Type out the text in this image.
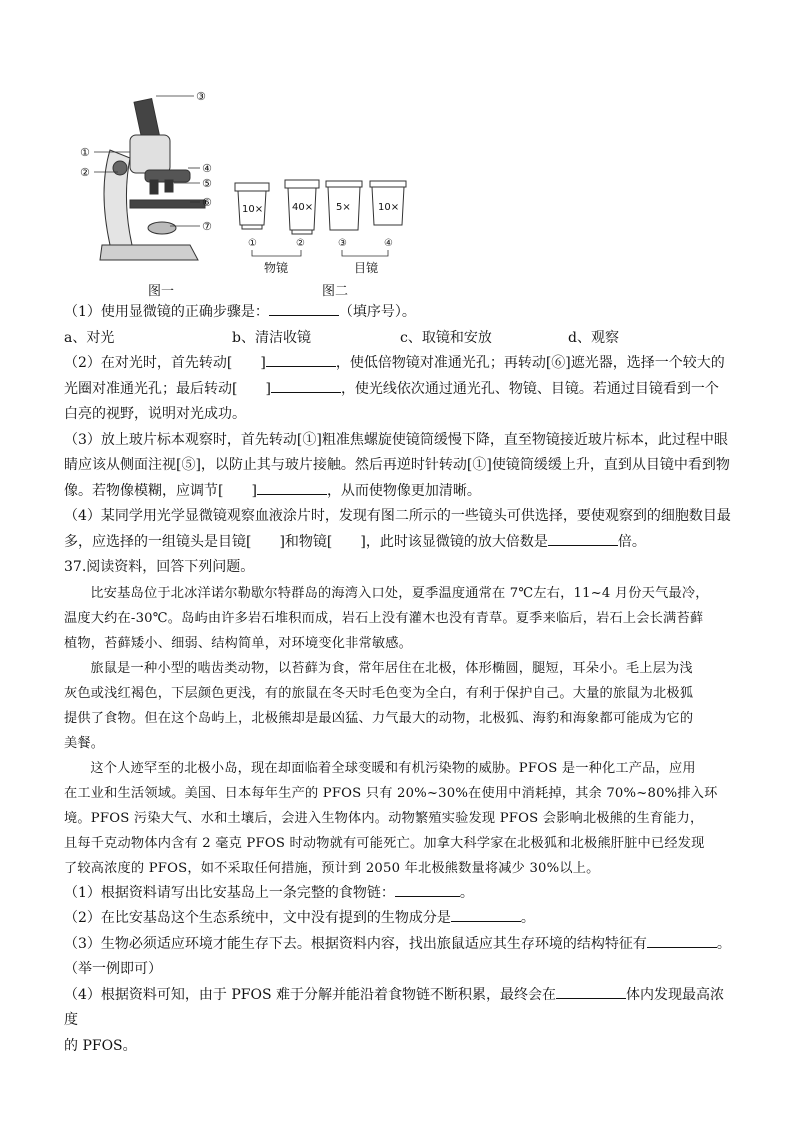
③
①
②	④
⑤
⑥
⑦
10×	40× 5×	10×
①	②	③	④
物镜	目镜
图一	图二

（1）使用显微镜的正确步骤是：	（填序号）。

a、对光	b、清洁收镜	c、取镜和安放	d、观察

（2）在对光时，首先转动[　　]	，使低倍物镜对准通光孔；再转动[⑥]遮光器，选择一个较大的

光圈对准通光孔；最后转动[　　]	，使光线依次通过通光孔、物镜、目镜。若通过目镜看到一个

白亮的视野，说明对光成功。

（3）放上玻片标本观察时，首先转动[①]粗准焦螺旋使镜筒缓慢下降，直至物镜接近玻片标本，此过程中眼

睛应该从侧面注视[⑤]，以防止其与玻片接触。然后再逆时针转动[①]使镜筒缓缓上升，直到从目镜中看到物

像。若物像模糊，应调节[　　]	，从而使物像更加清晰。

（4）某同学用光学显微镜观察血液涂片时，发现有图二所示的一些镜头可供选择，要使观察到的细胞数目最

多，应选择的一组镜头是目镜[　　]和物镜[　　]，此时该显微镜的放大倍数是	倍。

37.阅读资料，回答下列问题。

比安基岛位于北冰洋诺尔勒歇尔特群岛的海湾入口处，夏季温度通常在 7℃左右，11~4 月份天气最冷，

温度大约在-30℃。岛屿由许多岩石堆积而成，岩石上没有灌木也没有青草。夏季来临后，岩石上会长满苔藓

植物，苔藓矮小、细弱、结构简单，对环境变化非常敏感。

旅鼠是一种小型的啮齿类动物，以苔藓为食，常年居住在北极，体形椭圆，腿短，耳朵小。毛上层为浅

灰色或浅红褐色，下层颜色更浅，有的旅鼠在冬天时毛色变为全白，有利于保护自己。大量的旅鼠为北极狐

提供了食物。但在这个岛屿上，北极熊却是最凶猛、力气最大的动物，北极狐、海豹和海象都可能成为它的

美餐。

这个人迹罕至的北极小岛，现在却面临着全球变暖和有机污染物的威胁。PFOS 是一种化工产品，应用

在工业和生活领域。美国、日本每年生产的 PFOS 只有 20%~30%在使用中消耗掉，其余 70%~80%排入环

境。PFOS 污染大气、水和土壤后，会进入生物体内。动物繁殖实验发现 PFOS 会影响北极熊的生育能力，

且每千克动物体内含有 2 毫克 PFOS 时动物就有可能死亡。加拿大科学家在北极狐和北极熊肝脏中已经发现

了较高浓度的 PFOS，如不采取任何措施，预计到 2050 年北极熊数量将减少 30%以上。

（1）根据资料请写出比安基岛上一条完整的食物链：	。

（2）在比安基岛这个生态系统中，文中没有提到的生物成分是	。

（3）生物必须适应环境才能生存下去。根据资料内容，找出旅鼠适应其生存环境的结构特征有	。

（举一例即可）

（4）根据资料可知，由于 PFOS 难于分解并能沿着食物链不断积累，最终会在	体内发现最高浓度

的 PFOS。
